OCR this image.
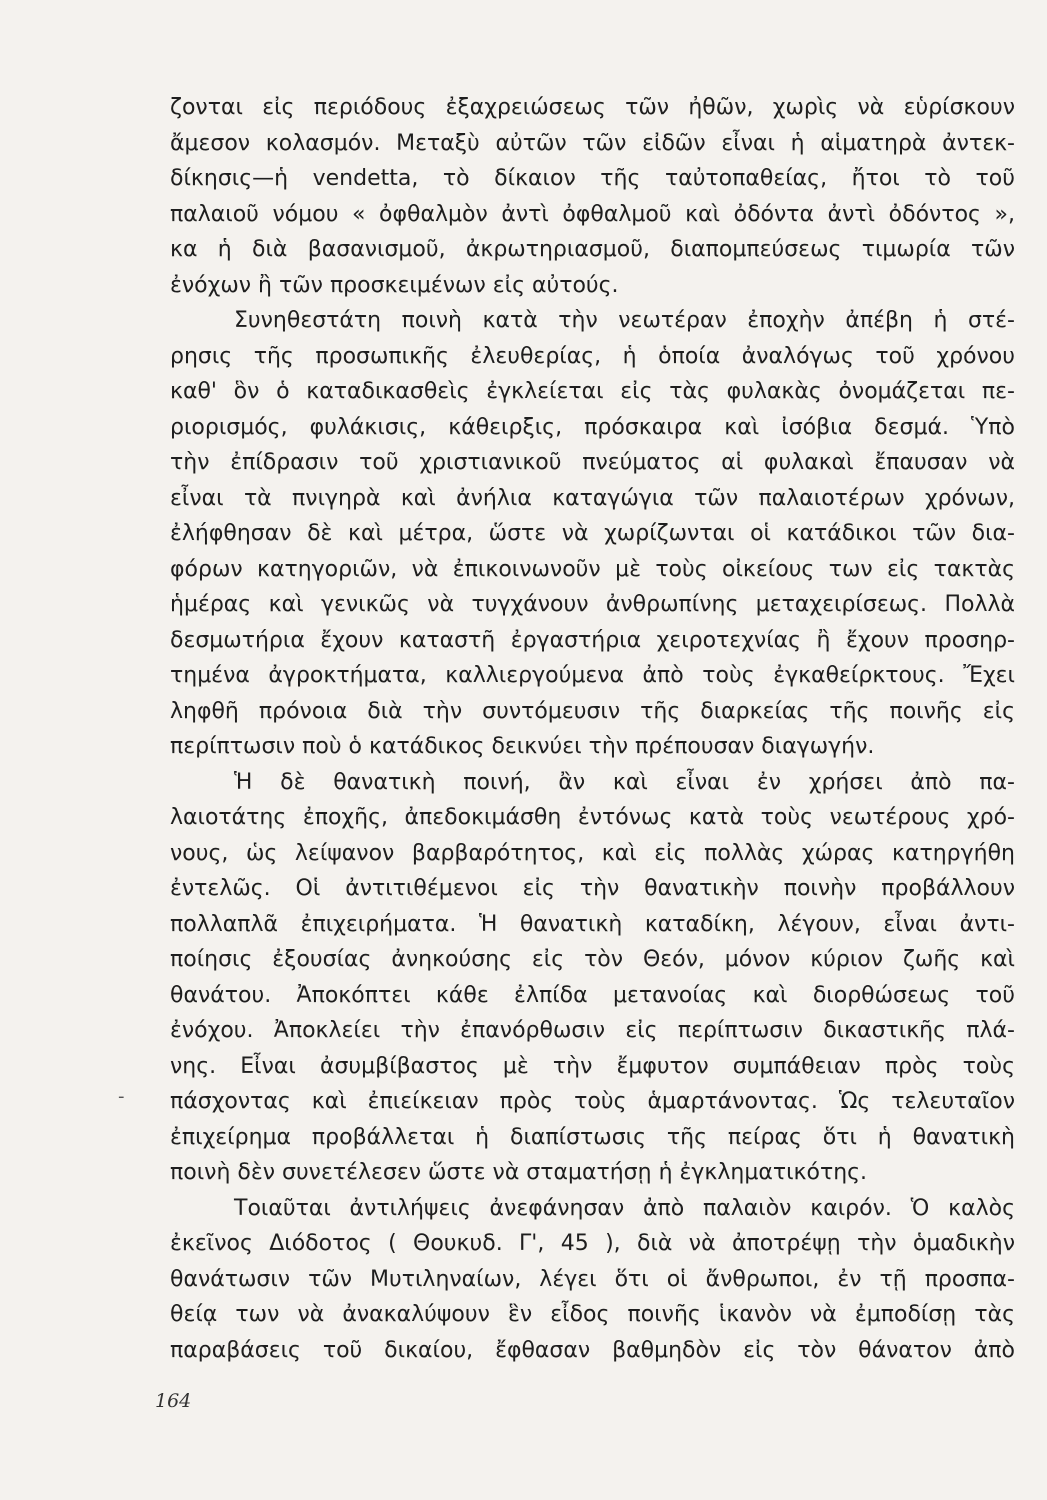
ζονται εἰς περιόδους ἐξαχρειώσεως τῶν ἠθῶν, χωρὶς νὰ εὑρίσκουν
ἄμεσον κολασμόν. Μεταξὺ αὐτῶν τῶν εἰδῶν εἶναι ἡ αἱματηρὰ ἀντεκ-
δίκησις—ἡ vendetta, τὸ δίκαιον τῆς ταὐτοπαθείας, ἤτοι τὸ τοῦ
παλαιοῦ νόμου « ὀφθαλμὸν ἀντὶ ὀφθαλμοῦ καὶ ὀδόντα ἀντὶ ὀδόντος »,
κα ἡ διὰ βασανισμοῦ, ἀκρωτηριασμοῦ, διαπομπεύσεως τιμωρία τῶν
ἐνόχων ἢ τῶν προσκειμένων εἰς αὐτούς.
Συνηθεστάτη ποινὴ κατὰ τὴν νεωτέραν ἐποχὴν ἀπέβη ἡ στέ-
ρησις τῆς προσωπικῆς ἐλευθερίας, ἡ ὁποία ἀναλόγως τοῦ χρόνου
καθ' ὃν ὁ καταδικασθεὶς ἐγκλείεται εἰς τὰς φυλακὰς ὀνομάζεται πε-
ριορισμός, φυλάκισις, κάθειρξις, πρόσκαιρα καὶ ἰσόβια δεσμά. Ὑπὸ
τὴν ἐπίδρασιν τοῦ χριστιανικοῦ πνεύματος αἱ φυλακαὶ ἔπαυσαν νὰ
εἶναι τὰ πνιγηρὰ καὶ ἀνήλια καταγώγια τῶν παλαιοτέρων χρόνων,
ἐλήφθησαν δὲ καὶ μέτρα, ὥστε νὰ χωρίζωνται οἱ κατάδικοι τῶν δια-
φόρων κατηγοριῶν, νὰ ἐπικοινωνοῦν μὲ τοὺς οἰκείους των εἰς τακτὰς
ἡμέρας καὶ γενικῶς νὰ τυγχάνουν ἀνθρωπίνης μεταχειρίσεως. Πολλὰ
δεσμωτήρια ἔχουν καταστῆ ἐργαστήρια χειροτεχνίας ἢ ἔχουν προσηρ-
τημένα ἀγροκτήματα, καλλιεργούμενα ἀπὸ τοὺς ἐγκαθείρκτους. Ἔχει
ληφθῆ πρόνοια διὰ τὴν συντόμευσιν τῆς διαρκείας τῆς ποινῆς εἰς
περίπτωσιν ποὺ ὁ κατάδικος δεικνύει τὴν πρέπουσαν διαγωγήν.
Ἡ δὲ θανατικὴ ποινή, ἂν καὶ εἶναι ἐν χρήσει ἀπὸ πα-
λαιοτάτης ἐποχῆς, ἀπεδοκιμάσθη ἐντόνως κατὰ τοὺς νεωτέρους χρό-
νους, ὡς λείψανον βαρβαρότητος, καὶ εἰς πολλὰς χώρας κατηργήθη
ἐντελῶς. Οἱ ἀντιτιθέμενοι εἰς τὴν θανατικὴν ποινὴν προβάλλουν
πολλαπλᾶ ἐπιχειρήματα. Ἡ θανατικὴ καταδίκη, λέγουν, εἶναι ἀντι-
ποίησις ἐξουσίας ἀνηκούσης εἰς τὸν Θεόν, μόνον κύριον ζωῆς καὶ
θανάτου. Ἀποκόπτει κάθε ἐλπίδα μετανοίας καὶ διορθώσεως τοῦ
ἐνόχου. Ἀποκλείει τὴν ἐπανόρθωσιν εἰς περίπτωσιν δικαστικῆς πλά-
νης. Εἶναι ἀσυμβίβαστος μὲ τὴν ἔμφυτον συμπάθειαν πρὸς τοὺς
πάσχοντας καὶ ἐπιείκειαν πρὸς τοὺς ἁμαρτάνοντας. Ὡς τελευταῖον
ἐπιχείρημα προβάλλεται ἡ διαπίστωσις τῆς πείρας ὅτι ἡ θανατικὴ
ποινὴ δὲν συνετέλεσεν ὥστε νὰ σταματήσῃ ἡ ἐγκληματικότης.
Τοιαῦται ἀντιλήψεις ἀνεφάνησαν ἀπὸ παλαιὸν καιρόν. Ὁ καλὸς
ἐκεῖνος Διόδοτος ( Θουκυδ. Γ', 45 ), διὰ νὰ ἀποτρέψῃ τὴν ὁμαδικὴν
θανάτωσιν τῶν Μυτιληναίων, λέγει ὅτι οἱ ἄνθρωποι, ἐν τῇ προσπα-
θείᾳ των νὰ ἀνακαλύψουν ἓν εἶδος ποινῆς ἱκανὸν νὰ ἐμποδίσῃ τὰς
παραβάσεις τοῦ δικαίου, ἔφθασαν βαθμηδὸν εἰς τὸν θάνατον ἀπὸ
-
164
